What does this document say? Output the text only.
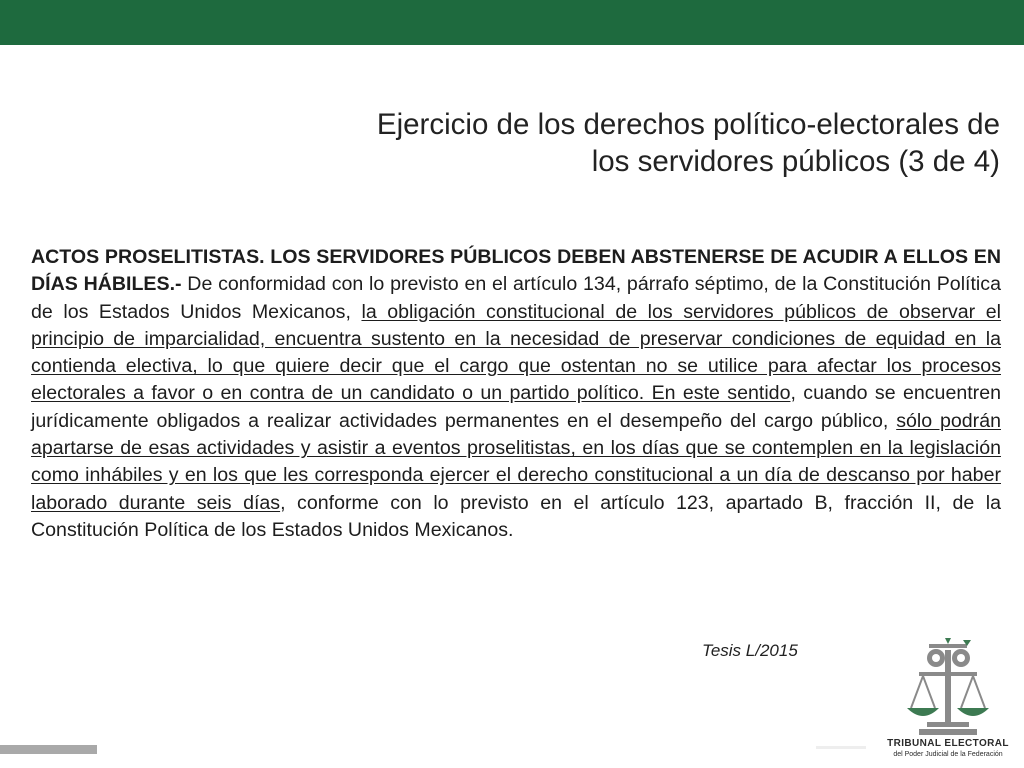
Ejercicio de los derechos político-electorales de
los servidores públicos (3 de 4)
ACTOS PROSELITISTAS. LOS SERVIDORES PÚBLICOS DEBEN ABSTENERSE DE ACUDIR A ELLOS EN DÍAS HÁBILES.- De conformidad con lo previsto en el artículo 134, párrafo séptimo, de la Constitución Política de los Estados Unidos Mexicanos, la obligación constitucional de los servidores públicos de observar el principio de imparcialidad, encuentra sustento en la necesidad de preservar condiciones de equidad en la contienda electiva, lo que quiere decir que el cargo que ostentan no se utilice para afectar los procesos electorales a favor o en contra de un candidato o un partido político. En este sentido, cuando se encuentren jurídicamente obligados a realizar actividades permanentes en el desempeño del cargo público, sólo podrán apartarse de esas actividades y asistir a eventos proselitistas, en los días que se contemplen en la legislación como inhábiles y en los que les corresponda ejercer el derecho constitucional a un día de descanso por haber laborado durante seis días, conforme con lo previsto en el artículo 123, apartado B, fracción II, de la Constitución Política de los Estados Unidos Mexicanos.
Tesis L/2015
TRIBUNAL ELECTORAL
del Poder Judicial de la Federación
